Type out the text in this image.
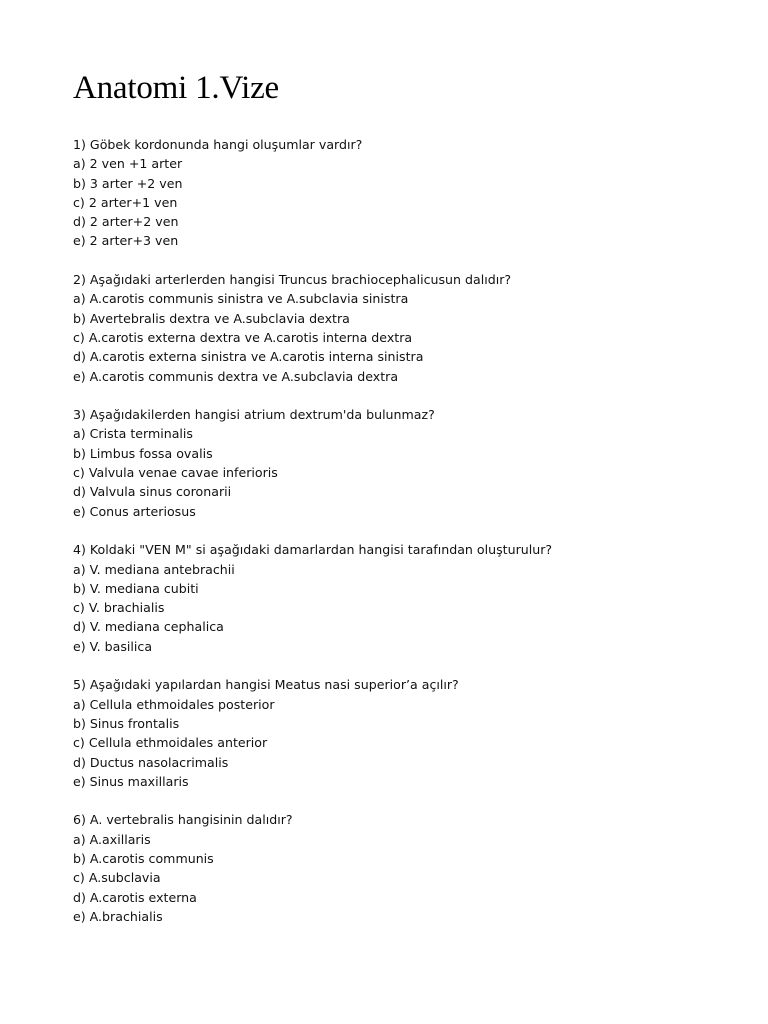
Anatomi 1.Vize
1) Göbek kordonunda hangi oluşumlar vardır?
a) 2 ven +1 arter
b) 3 arter +2 ven
c) 2 arter+1 ven
d) 2 arter+2 ven
e) 2 arter+3 ven
2) Aşağıdaki arterlerden hangisi Truncus brachiocephalicusun dalıdır?
a) A.carotis communis sinistra ve A.subclavia sinistra
b) Avertebralis dextra ve A.subclavia dextra
c) A.carotis externa dextra ve A.carotis interna dextra
d) A.carotis externa sinistra ve A.carotis interna sinistra
e) A.carotis communis dextra ve A.subclavia dextra
3) Aşağıdakilerden hangisi atrium dextrum'da bulunmaz?
a) Crista terminalis
b) Limbus fossa ovalis
c) Valvula venae cavae inferioris
d) Valvula sinus coronarii
e) Conus arteriosus
4) Koldaki "VEN M" si aşağıdaki damarlardan hangisi tarafından oluşturulur?
a) V. mediana antebrachii
b) V. mediana cubiti
c) V. brachialis
d) V. mediana cephalica
e) V. basilica
5) Aşağıdaki yapılardan hangisi Meatus nasi superior’a açılır?
a) Cellula ethmoidales posterior
b) Sinus frontalis
c) Cellula ethmoidales anterior
d) Ductus nasolacrimalis
e) Sinus maxillaris
6) A. vertebralis hangisinin dalıdır?
a) A.axillaris
b) A.carotis communis
c) A.subclavia
d) A.carotis externa
e) A.brachialis
